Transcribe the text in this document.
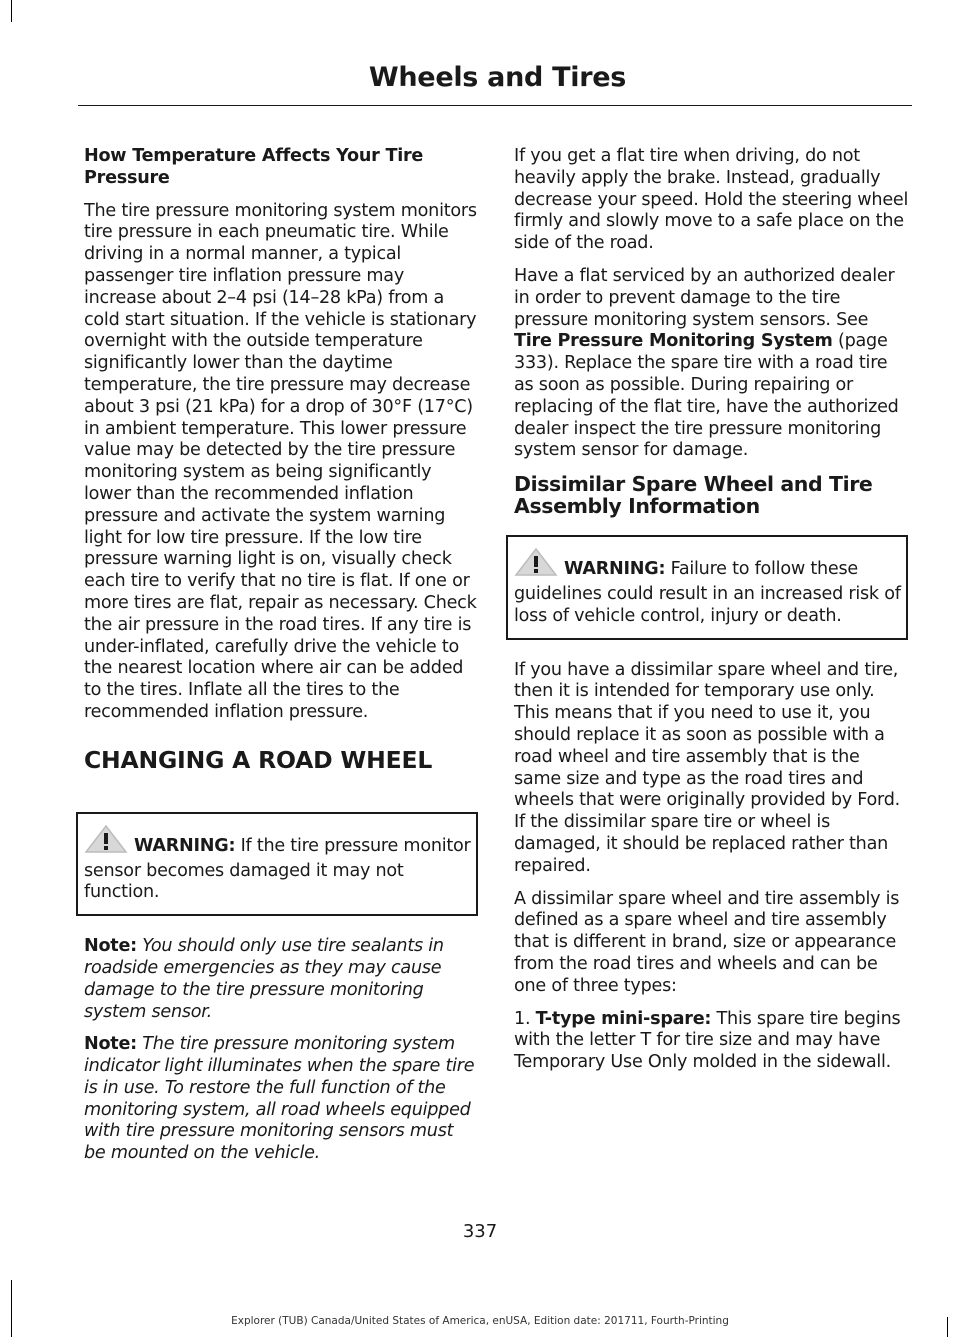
Wheels and Tires
How Temperature Affects Your Tire Pressure

The tire pressure monitoring system monitors tire pressure in each pneumatic tire. While driving in a normal manner, a typical passenger tire inflation pressure may increase about 2–4 psi (14–28 kPa) from a cold start situation. If the vehicle is stationary overnight with the outside temperature significantly lower than the daytime temperature, the tire pressure may decrease about 3 psi (21 kPa) for a drop of 30°F (17°C) in ambient temperature. This lower pressure value may be detected by the tire pressure monitoring system as being significantly lower than the recommended inflation pressure and activate the system warning light for low tire pressure. If the low tire pressure warning light is on, visually check each tire to verify that no tire is flat. If one or more tires are flat, repair as necessary. Check the air pressure in the road tires. If any tire is under-inflated, carefully drive the vehicle to the nearest location where air can be added to the tires. Inflate all the tires to the recommended inflation pressure.

CHANGING A ROAD WHEEL
WARNING: If the tire pressure monitor sensor becomes damaged it may not function.

Note: You should only use tire sealants in roadside emergencies as they may cause damage to the tire pressure monitoring system sensor.

Note: The tire pressure monitoring system indicator light illuminates when the spare tire is in use. To restore the full function of the monitoring system, all road wheels equipped with tire pressure monitoring sensors must be mounted on the vehicle.

If you get a flat tire when driving, do not heavily apply the brake. Instead, gradually decrease your speed. Hold the steering wheel firmly and slowly move to a safe place on the side of the road.

Have a flat serviced by an authorized dealer in order to prevent damage to the tire pressure monitoring system sensors. See Tire Pressure Monitoring System (page 333). Replace the spare tire with a road tire as soon as possible. During repairing or replacing of the flat tire, have the authorized dealer inspect the tire pressure monitoring system sensor for damage.

Dissimilar Spare Wheel and Tire Assembly Information
WARNING: Failure to follow these guidelines could result in an increased risk of loss of vehicle control, injury or death.

If you have a dissimilar spare wheel and tire, then it is intended for temporary use only. This means that if you need to use it, you should replace it as soon as possible with a road wheel and tire assembly that is the same size and type as the road tires and wheels that were originally provided by Ford. If the dissimilar spare tire or wheel is damaged, it should be replaced rather than repaired.

A dissimilar spare wheel and tire assembly is defined as a spare wheel and tire assembly that is different in brand, size or appearance from the road tires and wheels and can be one of three types:

1. T-type mini-spare: This spare tire begins with the letter T for tire size and may have Temporary Use Only molded in the sidewall.

337
Explorer (TUB) Canada/United States of America, enUSA, Edition date: 201711, Fourth-Printing
